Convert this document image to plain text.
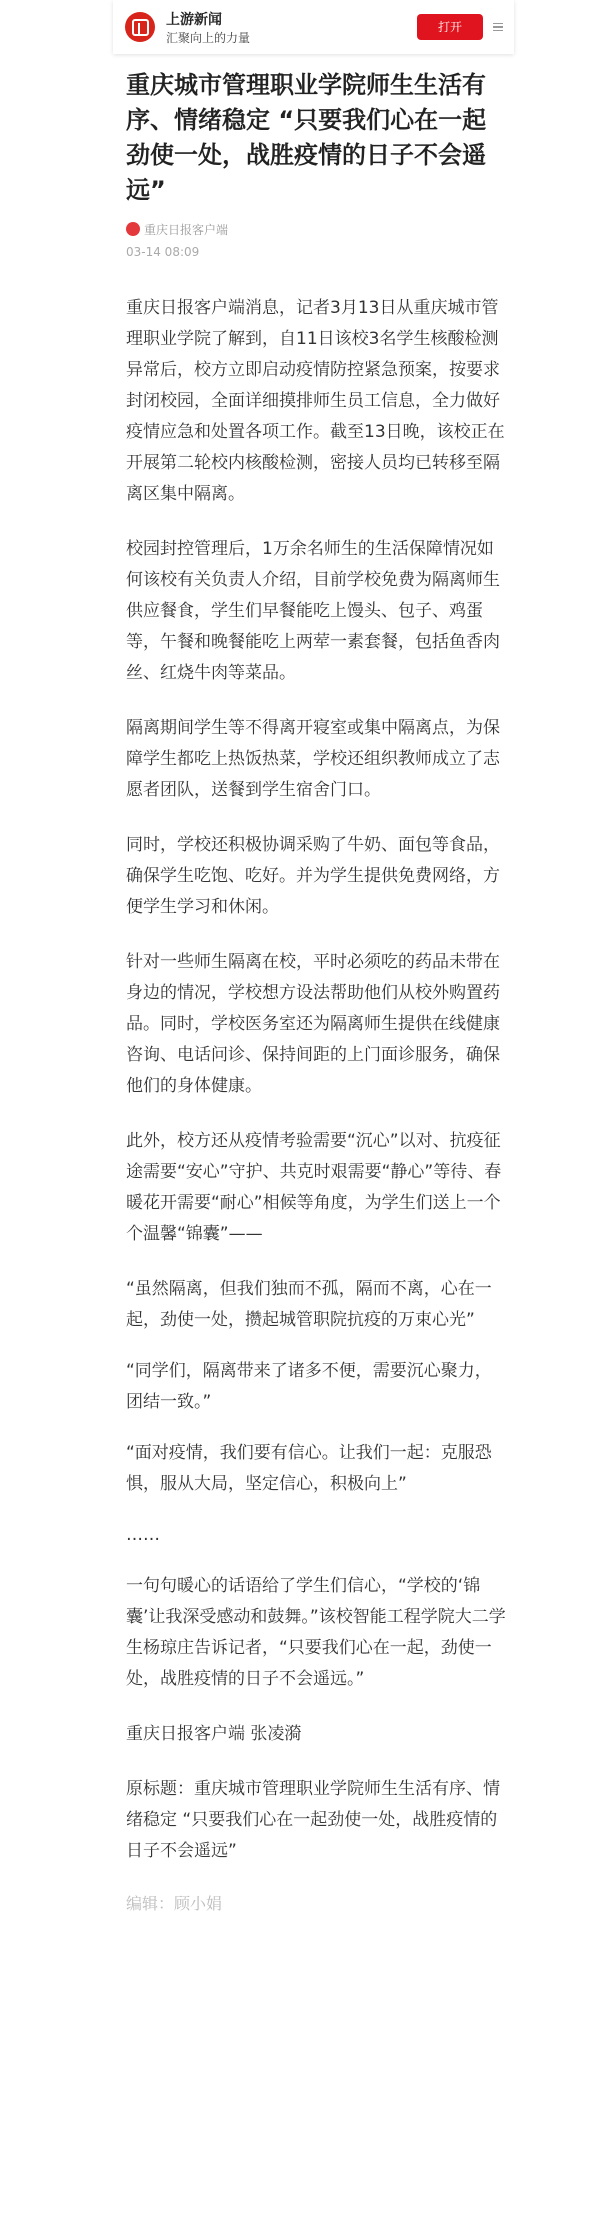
上游新闻
汇聚向上的力量
打开
重庆城市管理职业学院师生生活有序、情绪稳定 “只要我们心在一起劲使一处，战胜疫情的日子不会遥远”
重庆日报客户端
03-14 08:09

重庆日报客户端消息，记者3月13日从重庆城市管理职业学院了解到，自11日该校3名学生核酸检测异常后，校方立即启动疫情防控紧急预案，按要求封闭校园，全面详细摸排师生员工信息，全力做好疫情应急和处置各项工作。截至13日晚，该校正在开展第二轮校内核酸检测，密接人员均已转移至隔离区集中隔离。

校园封控管理后，1万余名师生的生活保障情况如何该校有关负责人介绍，目前学校免费为隔离师生供应餐食，学生们早餐能吃上馒头、包子、鸡蛋等，午餐和晚餐能吃上两荤一素套餐，包括鱼香肉丝、红烧牛肉等菜品。

隔离期间学生等不得离开寝室或集中隔离点，为保障学生都吃上热饭热菜，学校还组织教师成立了志愿者团队，送餐到学生宿舍门口。

同时，学校还积极协调采购了牛奶、面包等食品，确保学生吃饱、吃好。并为学生提供免费网络，方便学生学习和休闲。

针对一些师生隔离在校，平时必须吃的药品未带在身边的情况，学校想方设法帮助他们从校外购置药品。同时，学校医务室还为隔离师生提供在线健康咨询、电话问诊、保持间距的上门面诊服务，确保他们的身体健康。

此外，校方还从疫情考验需要“沉心”以对、抗疫征途需要“安心”守护、共克时艰需要“静心”等待、春暖花开需要“耐心”相候等角度，为学生们送上一个个温馨“锦囊”——

“虽然隔离，但我们独而不孤，隔而不离，心在一起，劲使一处，攒起城管职院抗疫的万束心光”

“同学们，隔离带来了诸多不便，需要沉心聚力，团结一致。”

“面对疫情，我们要有信心。让我们一起：克服恐惧，服从大局，坚定信心，积极向上”

……

一句句暖心的话语给了学生们信心，“学校的‘锦囊’让我深受感动和鼓舞。”该校智能工程学院大二学生杨琼庄告诉记者，“只要我们心在一起，劲使一处，战胜疫情的日子不会遥远。”

重庆日报客户端 张凌漪

原标题：重庆城市管理职业学院师生生活有序、情绪稳定 “只要我们心在一起劲使一处，战胜疫情的日子不会遥远”

编辑：顾小娟
